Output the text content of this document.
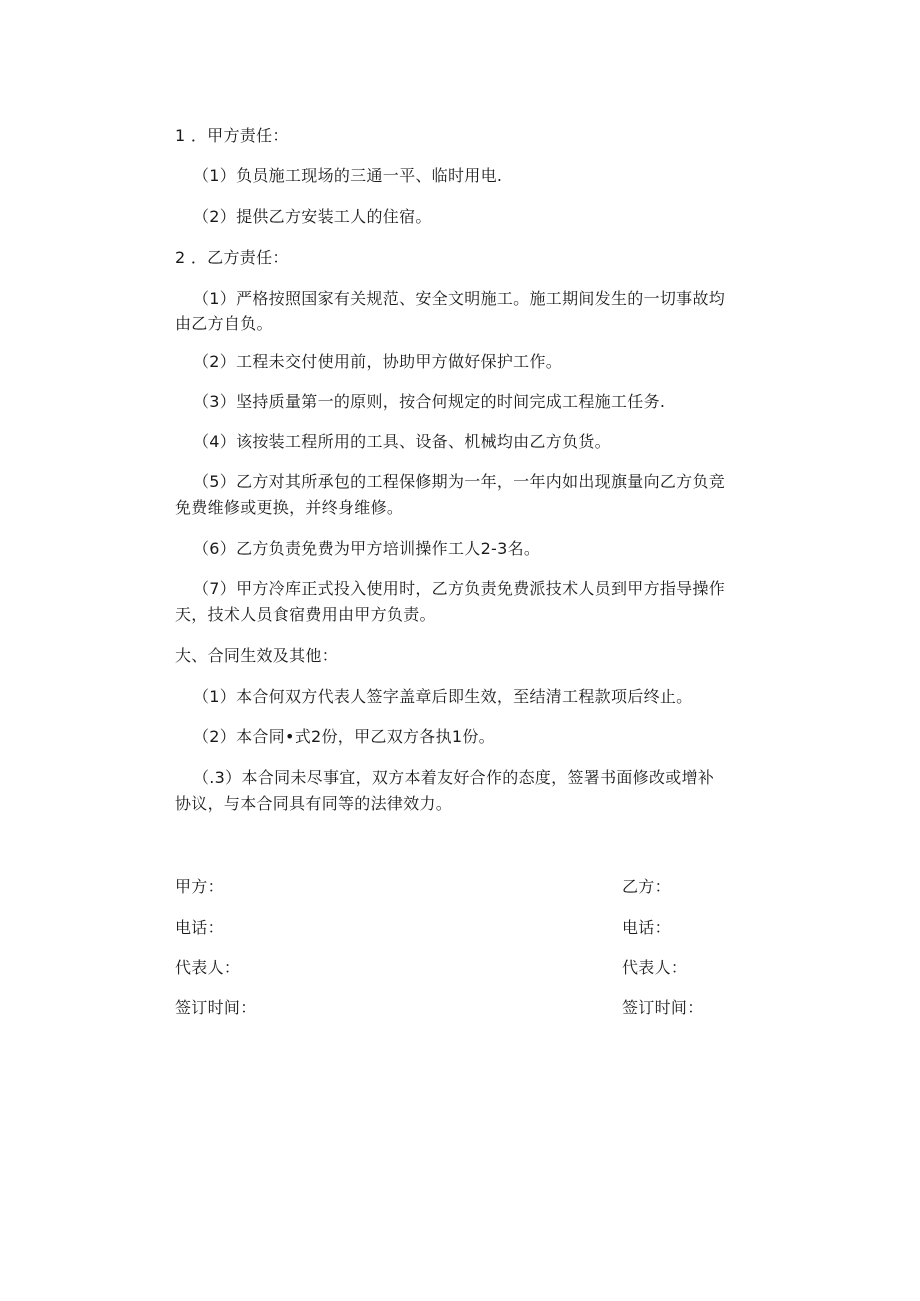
1 ．甲方责任：
（1）负员施工现场的三通一平、临时用电.
（2）提供乙方安装工人的住宿。
2 ．乙方责任：
（1）严格按照国家有关规范、安全文明施工。施工期间发生的一切事故均
由乙方自负。
（2）工程未交付使用前，协助甲方做好保护工作。
（3）坚持质量第一的原则，按合何规定的时间完成工程施工任务.
（4）该按装工程所用的工具、设备、机械均由乙方负货。
（5）乙方对其所承包的工程保修期为一年，一年内如出现旗量向乙方负竞
免费维修或更换，并终身维修。
（6）乙方负责免费为甲方培训操作工人2-3名。
（7）甲方冷库正式投入使用时，乙方负责免费派技术人员到甲方指导操作
天，技术人员食宿费用由甲方负责。
大、合同生效及其他：
（1）本合何双方代表人签字盖章后即生效，至结清工程款项后终止。
（2）本合同•式2份，甲乙双方各执1份。
（.3）本合同未尽事宜，双方本着友好合作的态度，签署书面修改或增补
协议，与本合同具有同等的法律效力。
甲方：
电话：
代表人：
签订时间：
乙方：
电话：
代表人：
签订时间：
